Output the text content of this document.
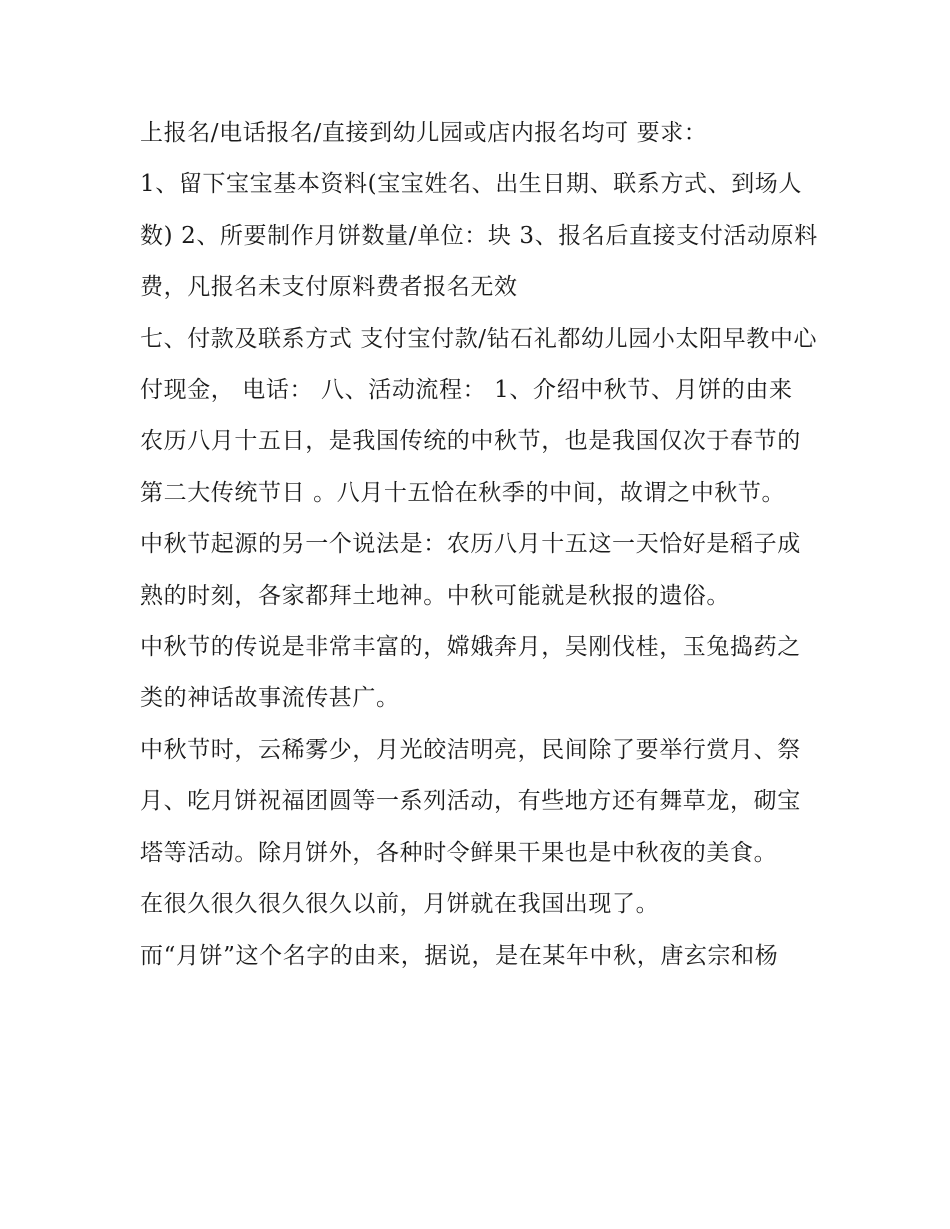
上报名/电话报名/直接到幼儿园或店内报名均可 要求：

1、留下宝宝基本资料(宝宝姓名、出生日期、联系方式、到场人数) 2、所要制作月饼数量/单位：块 3、报名后直接支付活动原料费，凡报名未支付原料费者报名无效

七、付款及联系方式 支付宝付款/钻石礼都幼儿园小太阳早教中心付现金， 电话： 八、活动流程： 1、介绍中秋节、月饼的由来

农历八月十五日，是我国传统的中秋节，也是我国仅次于春节的第二大传统节日 。八月十五恰在秋季的中间，故谓之中秋节。

中秋节起源的另一个说法是：农历八月十五这一天恰好是稻子成熟的时刻，各家都拜土地神。中秋可能就是秋报的遗俗。

中秋节的传说是非常丰富的，嫦娥奔月，吴刚伐桂，玉兔捣药之类的神话故事流传甚广。

中秋节时，云稀雾少，月光皎洁明亮，民间除了要举行赏月、祭月、吃月饼祝福团圆等一系列活动，有些地方还有舞草龙，砌宝塔等活动。除月饼外，各种时令鲜果干果也是中秋夜的美食。

在很久很久很久很久以前，月饼就在我国出现了。

而“月饼”这个名字的由来，据说，是在某年中秋，唐玄宗和杨
